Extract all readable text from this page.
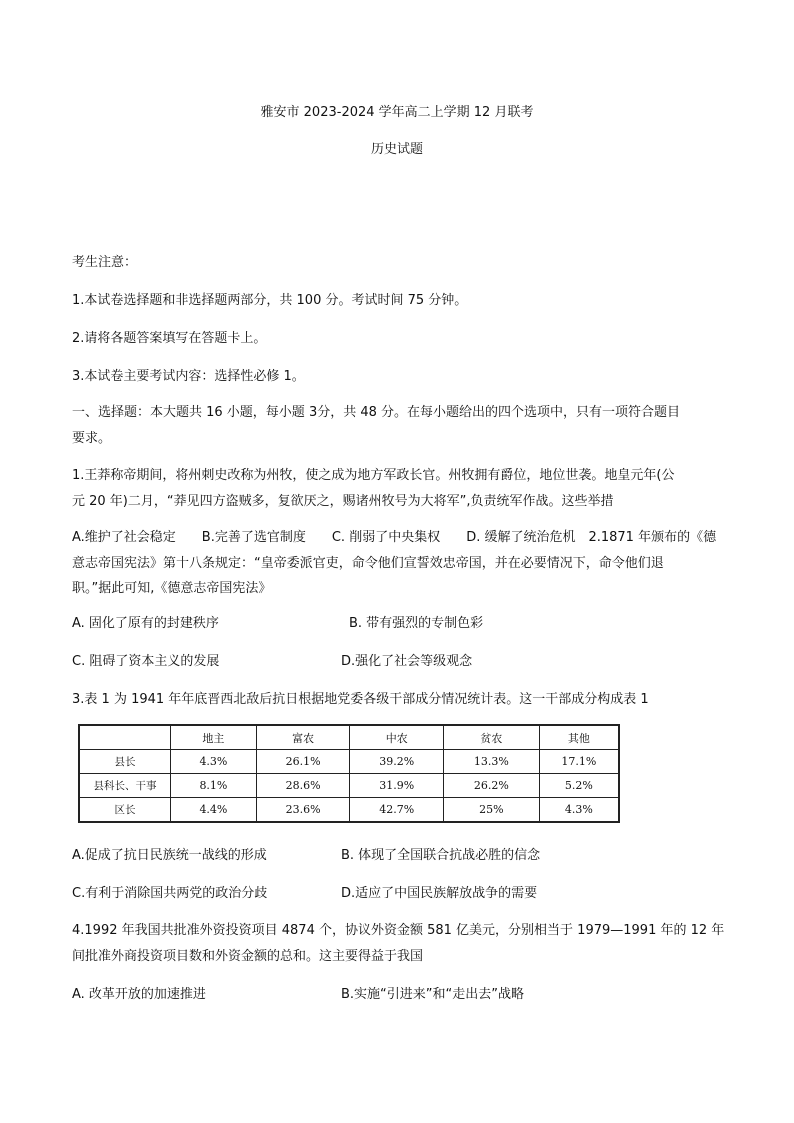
雅安市 2023-2024 学年高二上学期 12 月联考
历史试题
考生注意：
1.本试卷选择题和非选择题两部分，共 100 分。考试时间 75 分钟。
2.请将各题答案填写在答题卡上。
3.本试卷主要考试内容：选择性必修 1。
一、选择题：本大题共 16 小题，每小题 3分，共 48 分。在每小题给出的四个选项中，只有一项符合题目
要求。
1.王莽称帝期间，将州刺史改称为州牧，使之成为地方军政长官。州牧拥有爵位，地位世袭。地皇元年(公
元 20 年)二月，“莽见四方盗贼多，复欲厌之，赐诸州牧号为大将军”,负责统军作战。这些举措
A.维护了社会稳定　　B.完善了选官制度　　C. 削弱了中央集权　　D. 缓解了统治危机　2.1871 年颁布的《德
意志帝国宪法》第十八条规定：“皇帝委派官吏，命令他们宣誓效忠帝国，并在必要情况下，命令他们退
职。”据此可知,《德意志帝国宪法》
A. 固化了原有的封建秩序	B. 带有强烈的专制色彩
C. 阻碍了资本主义的发展	D.强化了社会等级观念
3.表 1 为 1941 年年底晋西北敌后抗日根据地党委各级干部成分情况统计表。这一干部成分构成表 1
	地主	富农	中农	贫农	其他
县长	4.3%	26.1%	39.2%	13.3%	17.1%
县科长、干事	8.1%	28.6%	31.9%	26.2%	5.2%
区长	4.4%	23.6%	42.7%	25%	4.3%
A.促成了抗日民族统一战线的形成	B. 体现了全国联合抗战必胜的信念
C.有利于消除国共两党的政治分歧	D.适应了中国民族解放战争的需要
4.1992 年我国共批准外资投资项目 4874 个，协议外资金额 581 亿美元，分别相当于 1979—1991 年的 12 年
间批准外商投资项目数和外资金额的总和。这主要得益于我国
A. 改革开放的加速推进	B.实施“引进来”和“走出去”战略
